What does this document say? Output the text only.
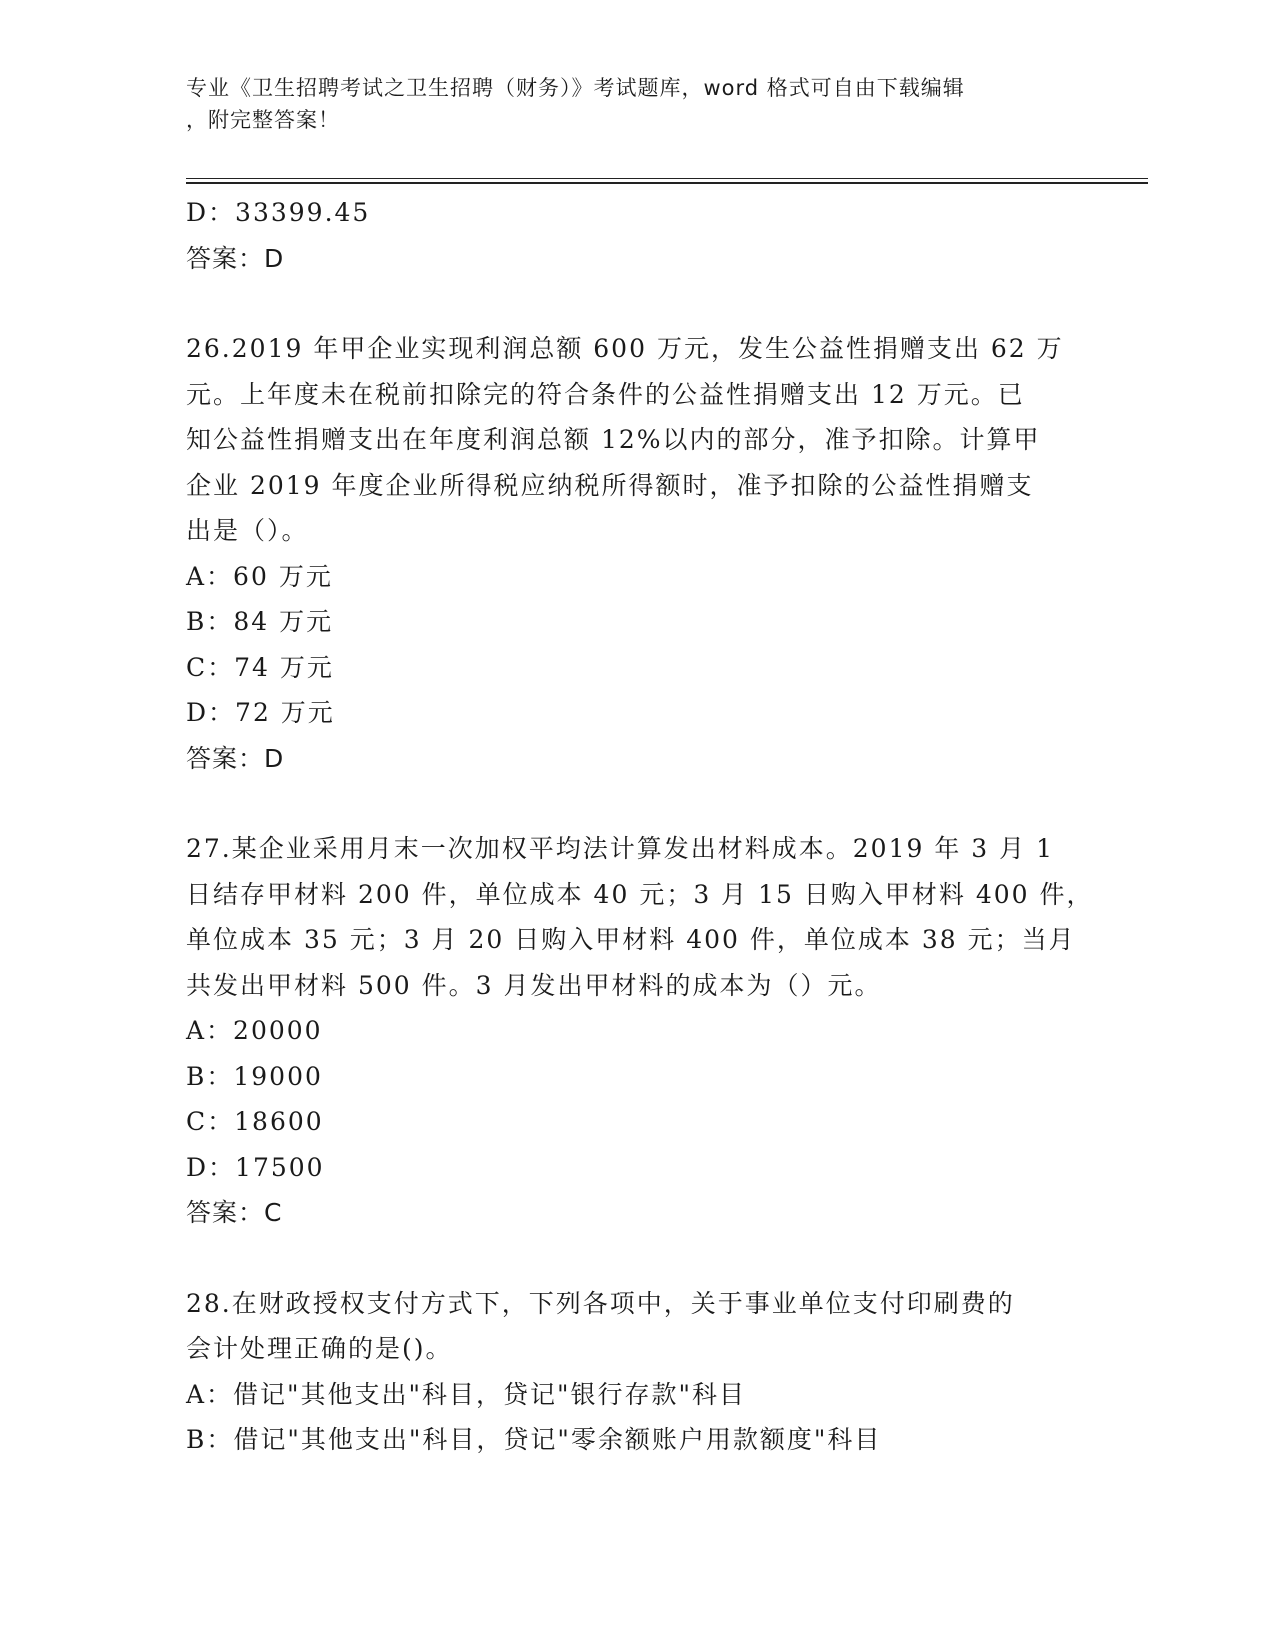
专业《卫生招聘考试之卫生招聘（财务）》考试题库，word 格式可自由下载编辑
，附完整答案！

D：33399.45

答案：D

26.2019 年甲企业实现利润总额 600 万元，发生公益性捐赠支出 62 万

元。上年度未在税前扣除完的符合条件的公益性捐赠支出 12 万元。已

知公益性捐赠支出在年度利润总额 12%以内的部分，准予扣除。计算甲

企业 2019 年度企业所得税应纳税所得额时，准予扣除的公益性捐赠支

出是（）。

A：60 万元

B：84 万元

C：74 万元

D：72 万元

答案：D

27.某企业采用月末一次加权平均法计算发出材料成本。2019 年 3 月 1

日结存甲材料 200 件，单位成本 40 元；3 月 15 日购入甲材料 400 件，

单位成本 35 元；3 月 20 日购入甲材料 400 件，单位成本 38 元；当月

共发出甲材料 500 件。3 月发出甲材料的成本为（）元。

A：20000

B：19000

C：18600

D：17500

答案：C

28.在财政授权支付方式下，下列各项中，关于事业单位支付印刷费的

会计处理正确的是()。

A：借记"其他支出"科目，贷记"银行存款"科目

B：借记"其他支出"科目，贷记"零余额账户用款额度"科目
